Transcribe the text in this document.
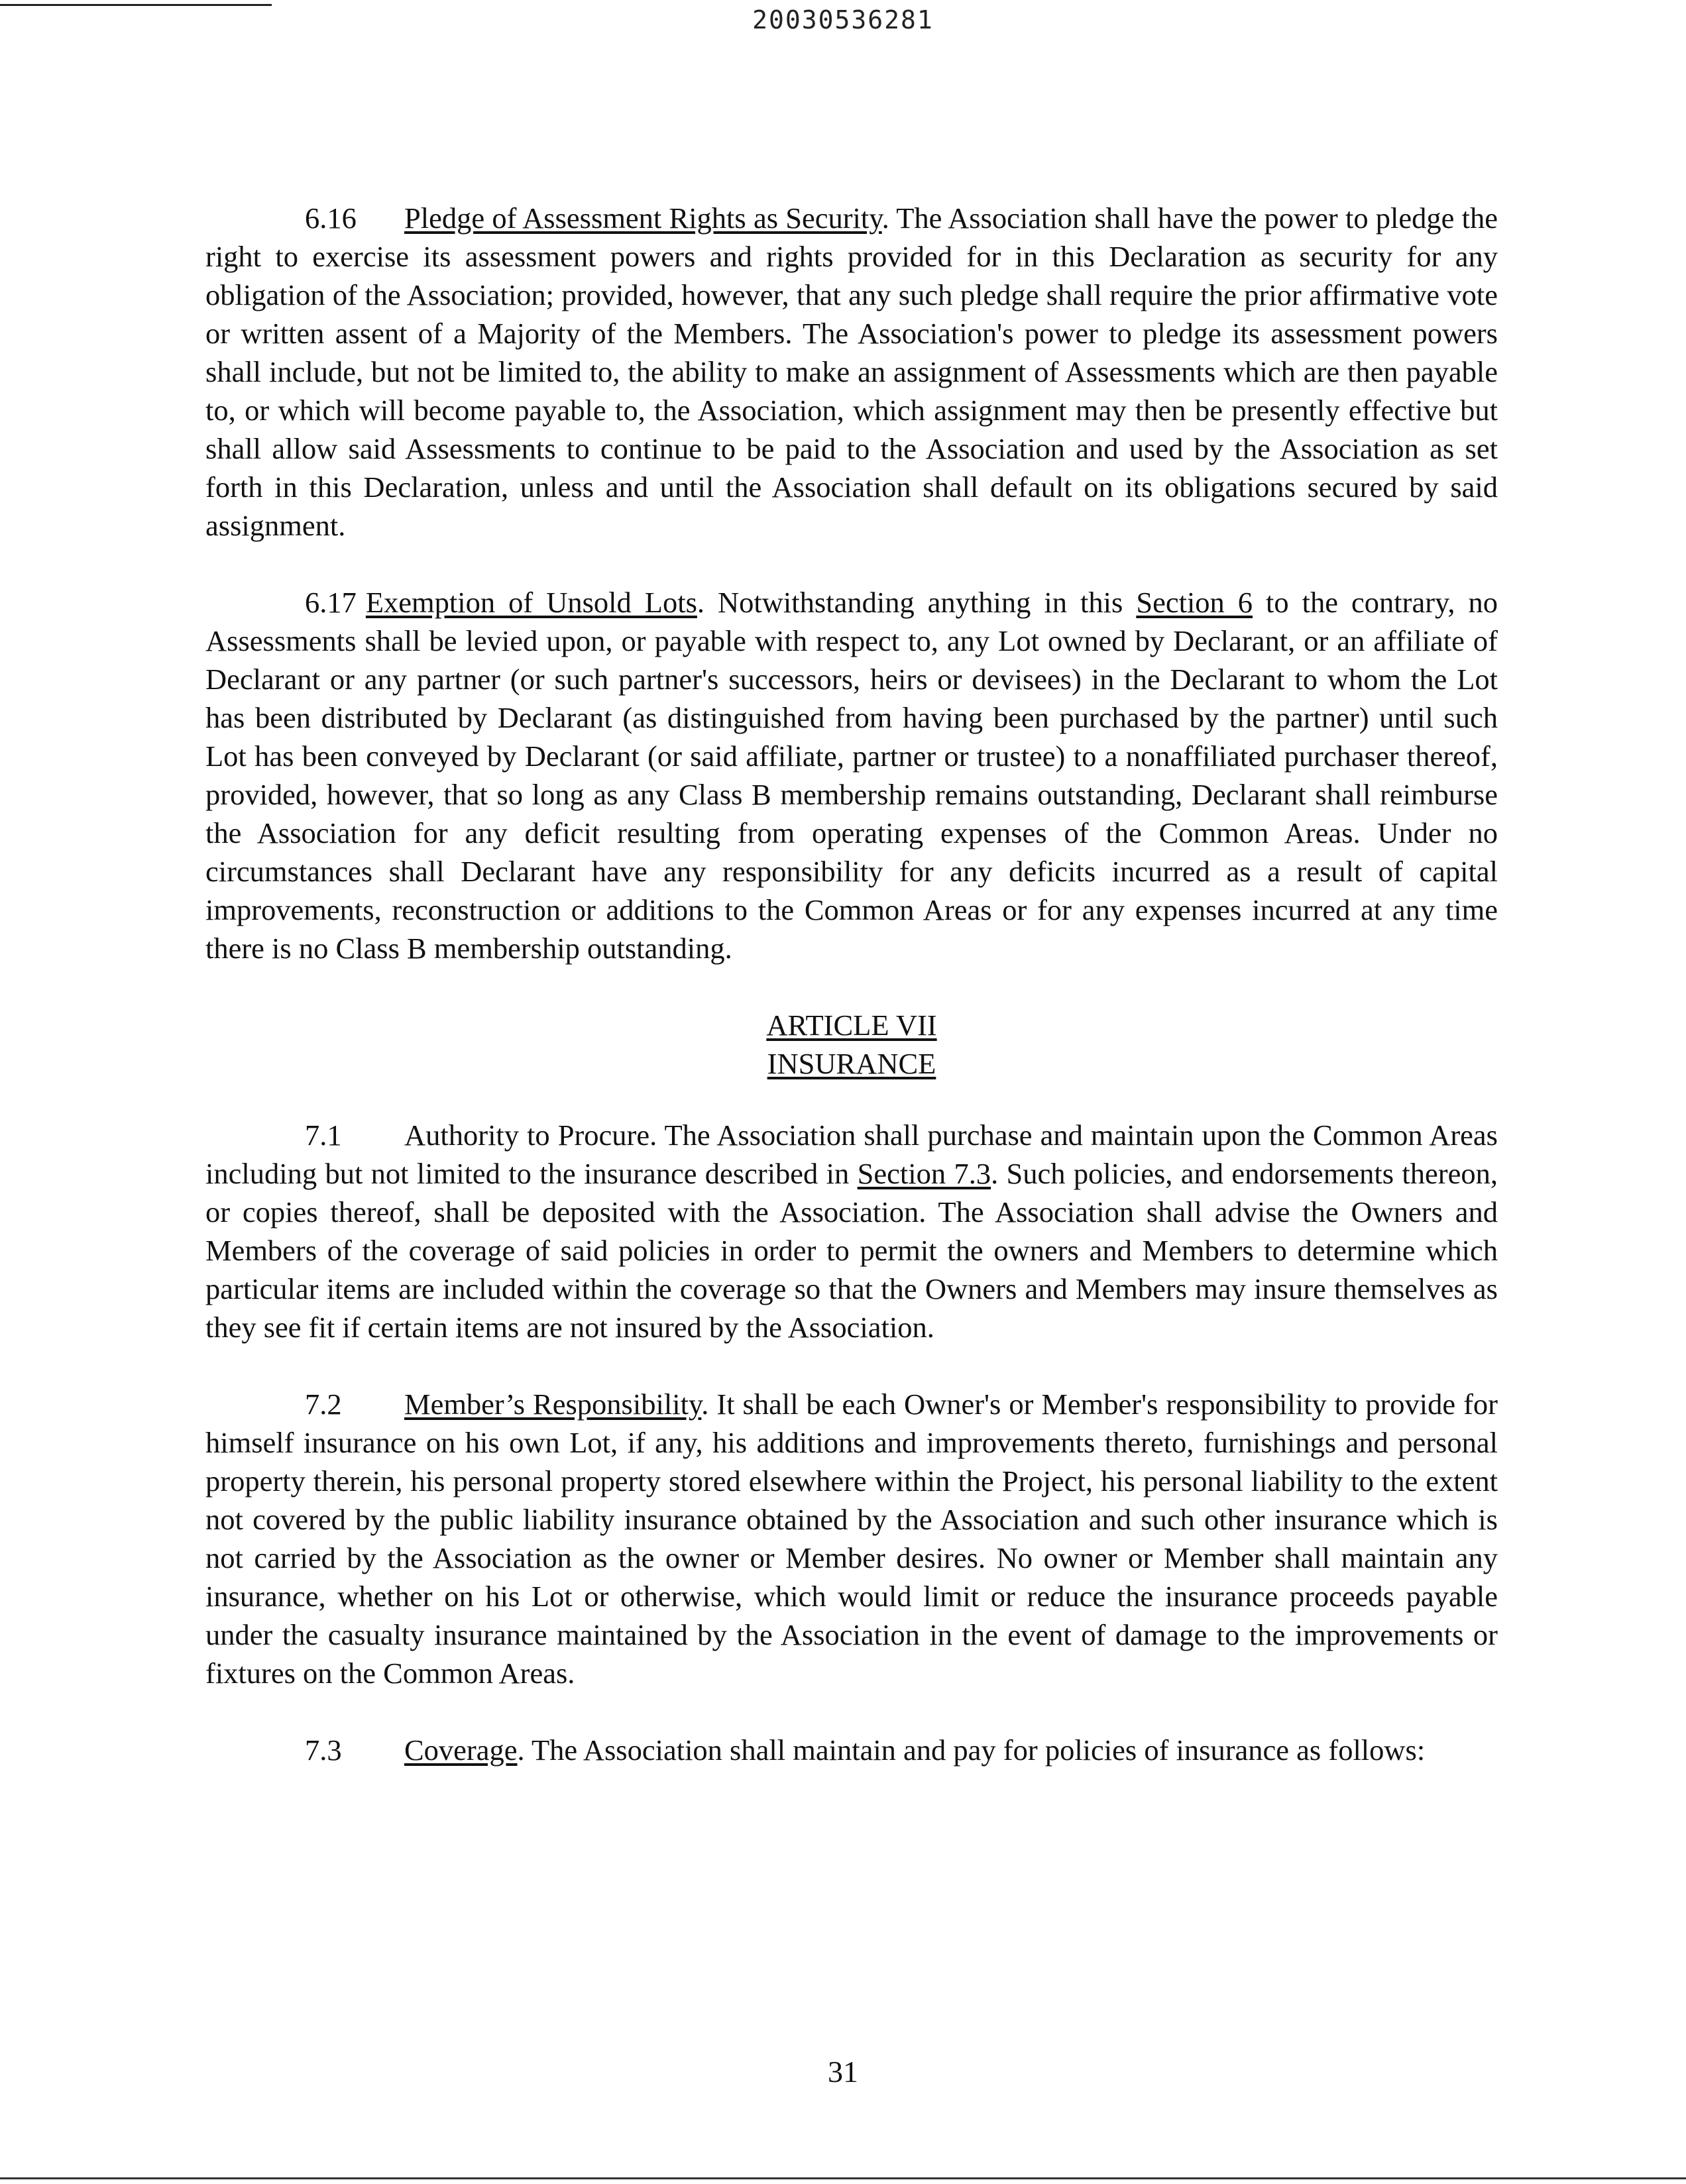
20030536281

6.16 Pledge of Assessment Rights as Security. The Association shall have the power to pledge the right to exercise its assessment powers and rights provided for in this Declaration as security for any obligation of the Association; provided, however, that any such pledge shall require the prior affirmative vote or written assent of a Majority of the Members. The Association's power to pledge its assessment powers shall include, but not be limited to, the ability to make an assignment of Assessments which are then payable to, or which will become payable to, the Association, which assignment may then be presently effective but shall allow said Assessments to continue to be paid to the Association and used by the Association as set forth in this Declaration, unless and until the Association shall default on its obligations secured by said assignment.

6.17 Exemption of Unsold Lots. Notwithstanding anything in this Section 6 to the contrary, no Assessments shall be levied upon, or payable with respect to, any Lot owned by Declarant, or an affiliate of Declarant or any partner (or such partner's successors, heirs or devisees) in the Declarant to whom the Lot has been distributed by Declarant (as distinguished from having been purchased by the partner) until such Lot has been conveyed by Declarant (or said affiliate, partner or trustee) to a nonaffiliated purchaser thereof, provided, however, that so long as any Class B membership remains outstanding, Declarant shall reimburse the Association for any deficit resulting from operating expenses of the Common Areas. Under no circumstances shall Declarant have any responsibility for any deficits incurred as a result of capital improvements, reconstruction or additions to the Common Areas or for any expenses incurred at any time there is no Class B membership outstanding.

ARTICLE VII
INSURANCE

7.1 Authority to Procure. The Association shall purchase and maintain upon the Common Areas including but not limited to the insurance described in Section 7.3. Such policies, and endorsements thereon, or copies thereof, shall be deposited with the Association. The Association shall advise the Owners and Members of the coverage of said policies in order to permit the owners and Members to determine which particular items are included within the coverage so that the Owners and Members may insure themselves as they see fit if certain items are not insured by the Association.

7.2 Member’s Responsibility. It shall be each Owner's or Member's responsibility to provide for himself insurance on his own Lot, if any, his additions and improvements thereto, furnishings and personal property therein, his personal property stored elsewhere within the Project, his personal liability to the extent not covered by the public liability insurance obtained by the Association and such other insurance which is not carried by the Association as the owner or Member desires. No owner or Member shall maintain any insurance, whether on his Lot or otherwise, which would limit or reduce the insurance proceeds payable under the casualty insurance maintained by the Association in the event of damage to the improvements or fixtures on the Common Areas.

7.3 Coverage. The Association shall maintain and pay for policies of insurance as follows:

31
